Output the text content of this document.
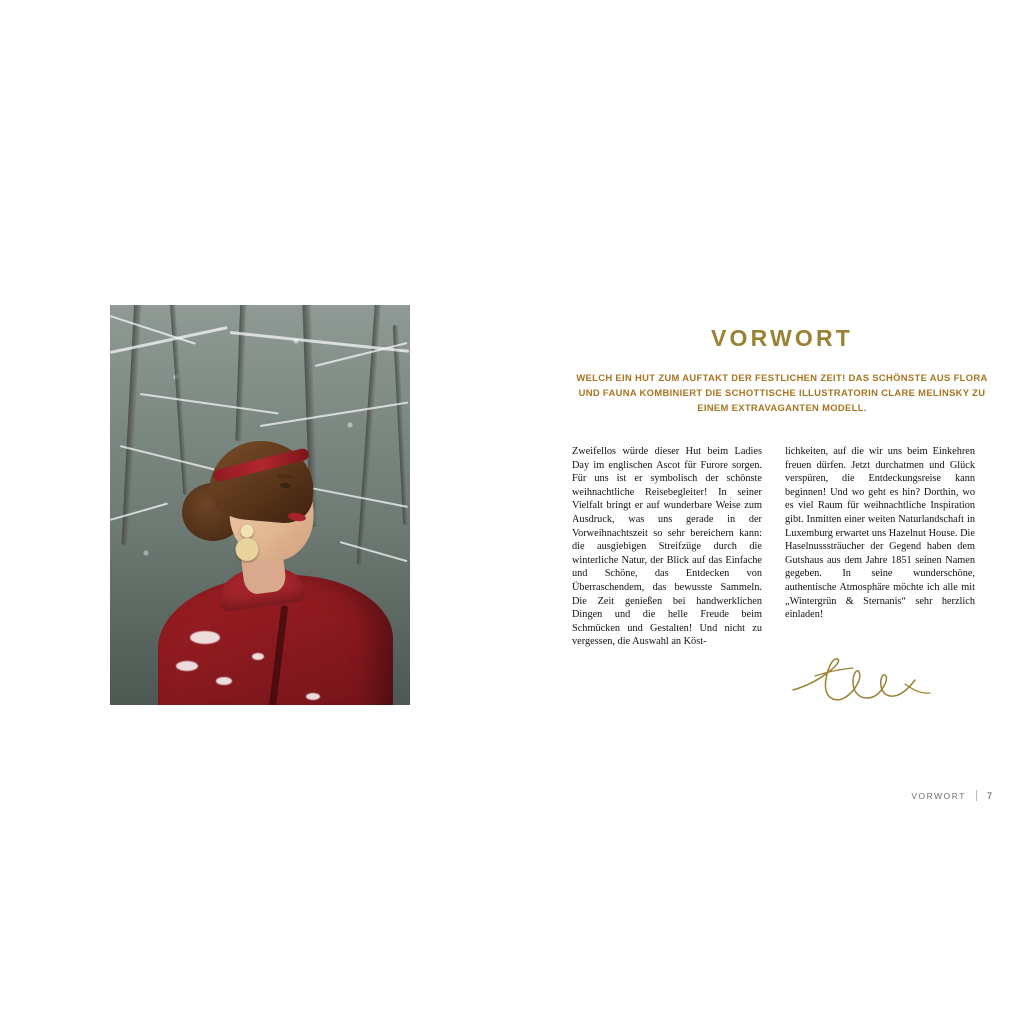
VORWORT
WELCH EIN HUT ZUM AUFTAKT DER FESTLICHEN ZEIT! DAS SCHÖNSTE AUS FLORA UND FAUNA KOMBINIERT DIE SCHOTTISCHE ILLUSTRATORIN CLARE MELINSKY ZU EINEM EXTRAVAGANTEN MODELL.

Zweifellos würde dieser Hut beim Ladies Day im englischen Ascot für Furore sorgen. Für uns ist er symbolisch der schönste weihnachtliche Reisebegleiter! In seiner Vielfalt bringt er auf wunderbare Weise zum Ausdruck, was uns gerade in der Vorweihnachtszeit so sehr bereichern kann: die ausgiebigen Streifzüge durch die winterliche Natur, der Blick auf das Einfache und Schöne, das Entdecken von Überraschendem, das bewusste Sammeln. Die Zeit genießen bei handwerklichen Dingen und die helle Freude beim Schmücken und Gestalten! Und nicht zu vergessen, die Auswahl an Köst-

lichkeiten, auf die wir uns beim Einkehren freuen dürfen. Jetzt durchatmen und Glück verspüren, die Entdeckungsreise kann beginnen! Und wo geht es hin? Dorthin, wo es viel Raum für weihnachtliche Inspiration gibt. Inmitten einer weiten Naturlandschaft in Luxemburg erwartet uns Hazelnut House. Die Haselnusssträucher der Gegend haben dem Gutshaus aus dem Jahre 1851 seinen Namen gegeben. In seine wunderschöne, authentische Atmosphäre möchte ich alle mit „Wintergrün & Sternanis“ sehr herzlich einladen!

VORWORT 7
